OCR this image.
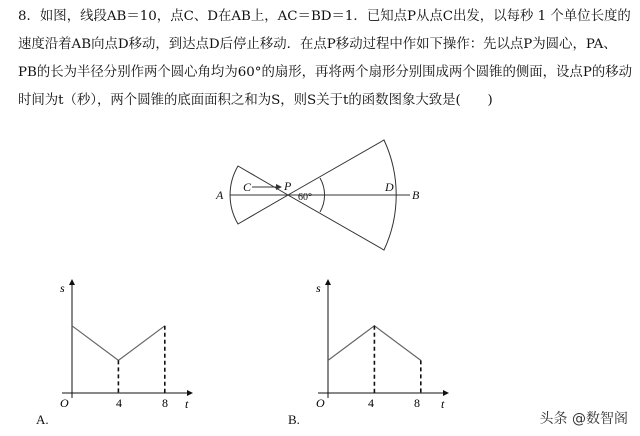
8．如图，线段AB＝10，点C、D在AB上，AC＝BD＝1．已知点P从点C出发，以每秒 1 个单位长度的
速度沿着AB向点D移动，到达点D后停止移动．在点P移动过程中作如下操作：先以点P为圆心，PA、
PB的长为半径分别作两个圆心角均为60°的扇形，再将两个扇形分别围成两个圆锥的侧面，设点P的移动
时间为t（秒），两个圆锥的底面面积之和为S，则S关于t的函数图象大致是(　　)
A
C	P	D
B
60°
s
t
O	4	8
s
t
O	4	8
A.	B.	头条 @数智阁
